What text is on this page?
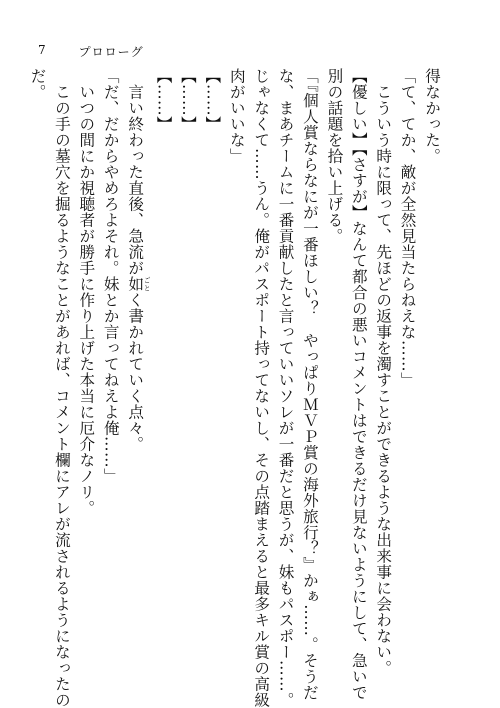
7	プロローグ
得なかった。
「て、てか、敵が全然見当たらねえな……」
　こういう時に限って、先ほどの返事を濁すことができるような出来事に会わない。
【優しい】【さすが】なんて都合の悪いコメントはできるだけ見ないようにして、急いで
別の話題を拾い上げる。
「『個人賞ならなにが一番ほしい？　やっぱりＭＶＰ賞の海外旅行？』かぁ……。そうだ
な、まあチームに一番貢献したと言っていいソレが一番だと思うが、妹もパスポー……。
じゃなくて……うん。俺がパスポート持ってないし、その点踏まえると最多キル賞の高級
肉がいいな」
【……】
【……】
【……】
　言い終わった直後、急流が如 ごとく書かれていく点々。
「だ、だからやめろよそれ。妹とか言ってねえよ俺……」
　いつの間にか視聴者が勝手に作り上げた本当に厄介なノリ。
　この手の墓穴を掘るようなことがあれば、コメント欄にアレが流されるようになったの
だ。
